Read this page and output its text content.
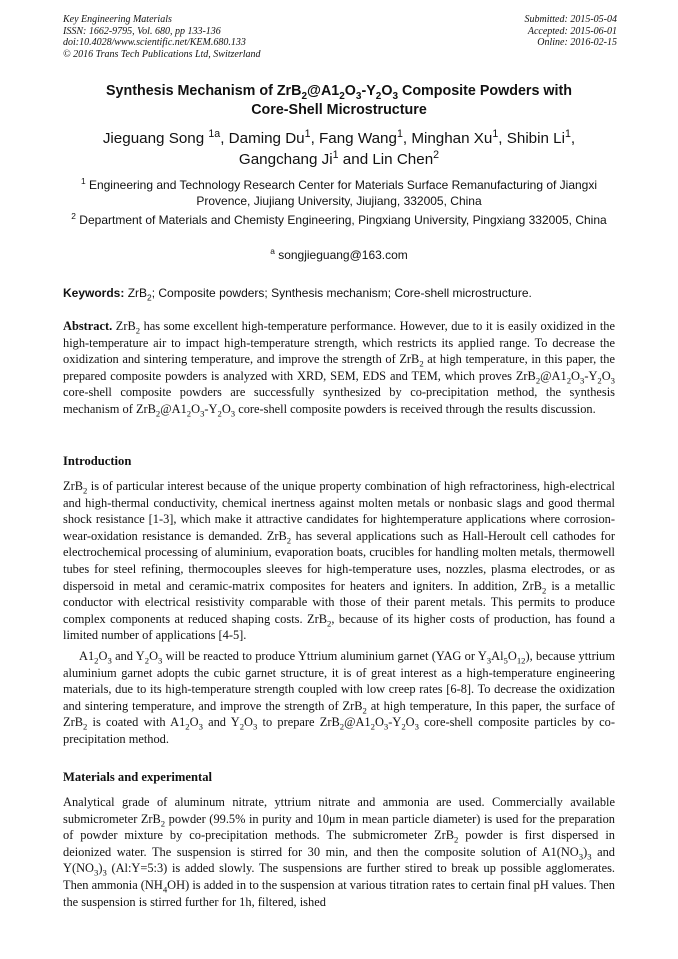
Key Engineering Materials
ISSN: 1662-9795, Vol. 680, pp 133-136
doi:10.4028/www.scientific.net/KEM.680.133
© 2016 Trans Tech Publications Ltd, Switzerland
Submitted: 2015-05-04
Accepted: 2015-06-01
Online: 2016-02-15
Synthesis Mechanism of $ZrB_2@A1_2O_3-Y_2O_3$ Composite Powders with
Core-Shell Microstructure
Jieguang Song $^{1a}$, Daming Du$^1$, Fang Wang$^1$, Minghan Xu$^1$, Shibin Li$^1$,
Gangchang Ji$^1$ and Lin Chen$^2$
$^1$ Engineering and Technology Research Center for Materials Surface Remanufacturing of Jiangxi Provence, Jiujiang University, Jiujiang, 332005, China
$^2$ Department of Materials and Chemisty Engineering, Pingxiang University, Pingxiang 332005, China
$^a$ songjieguang@163.com
Keywords: ZrB$_2$; Composite powders; Synthesis mechanism; Core-shell microstructure.

Abstract. ZrB$_2$ has some excellent high-temperature performance. However, due to it is easily oxidized in the high-temperature air to impact high-temperature strength, which restricts its applied range. To decrease the oxidization and sintering temperature, and improve the strength of ZrB$_2$ at high temperature, in this paper, the prepared composite powders is analyzed with XRD, SEM, EDS and TEM, which proves $ZrB_2@A1_2O_3-Y_2O_3$ core-shell composite powders are successfully synthesized by co-precipitation method, the synthesis mechanism of $ZrB_2@A1_2O_3-Y_2O_3$ core-shell composite powders is received through the results discussion.

Introduction

ZrB$_2$ is of particular interest because of the unique property combination of high refractoriness, high-electrical and high-thermal conductivity, chemical inertness against molten metals or nonbasic slags and good thermal shock resistance [1-3], which make it attractive candidates for hightemperature applications where corrosion-wear-oxidation resistance is demanded. ZrB$_2$ has several applications such as Hall-Heroult cell cathodes for electrochemical processing of aluminium, evaporation boats, crucibles for handling molten metals, thermowell tubes for steel refining, thermocouples sleeves for high-temperature uses, nozzles, plasma electrodes, or as dispersoid in metal and ceramic-matrix composites for heaters and igniters. In addition, ZrB$_2$ is a metallic conductor with electrical resistivity comparable with those of their parent metals. This permits to produce complex components at reduced shaping costs. ZrB$_2$, because of its higher costs of production, has found a limited number of applications [4-5].

$A1_2O_3$ and $Y_2O_3$ will be reacted to produce Yttrium aluminium garnet (YAG or $Y_3Al_5O_{12}$), because yttrium aluminium garnet adopts the cubic garnet structure, it is of great interest as a high-temperature engineering materials, due to its high-temperature strength coupled with low creep rates [6-8]. To decrease the oxidization and sintering temperature, and improve the strength of ZrB$_2$ at high temperature, In this paper, the surface of ZrB$_2$ is coated with $A1_2O_3$ and $Y_2O_3$ to prepare $ZrB_2@A1_2O_3-Y_2O_3$ core-shell composite particles by co-precipitation method.

Materials and experimental

Analytical grade of aluminum nitrate, yttrium nitrate and ammonia are used. Commercially available submicrometer ZrB$_2$ powder (99.5% in purity and 10μm in mean particle diameter) is used for the preparation of powder mixture by co-precipitation methods. The submicrometer ZrB$_2$ powder is first dispersed in deionized water. The suspension is stirred for 30 min, and then the composite solution of $A1(NO_3)_3$ and $Y(NO_3)_3$ (Al:Y=5:3) is added slowly. The suspensions are further stired to break up possible agglomerates. Then ammonia $(NH_4OH)$ is added in to the suspension at various titration rates to certain final pH values. Then the suspension is stirred further for 1h, filtered, ished
